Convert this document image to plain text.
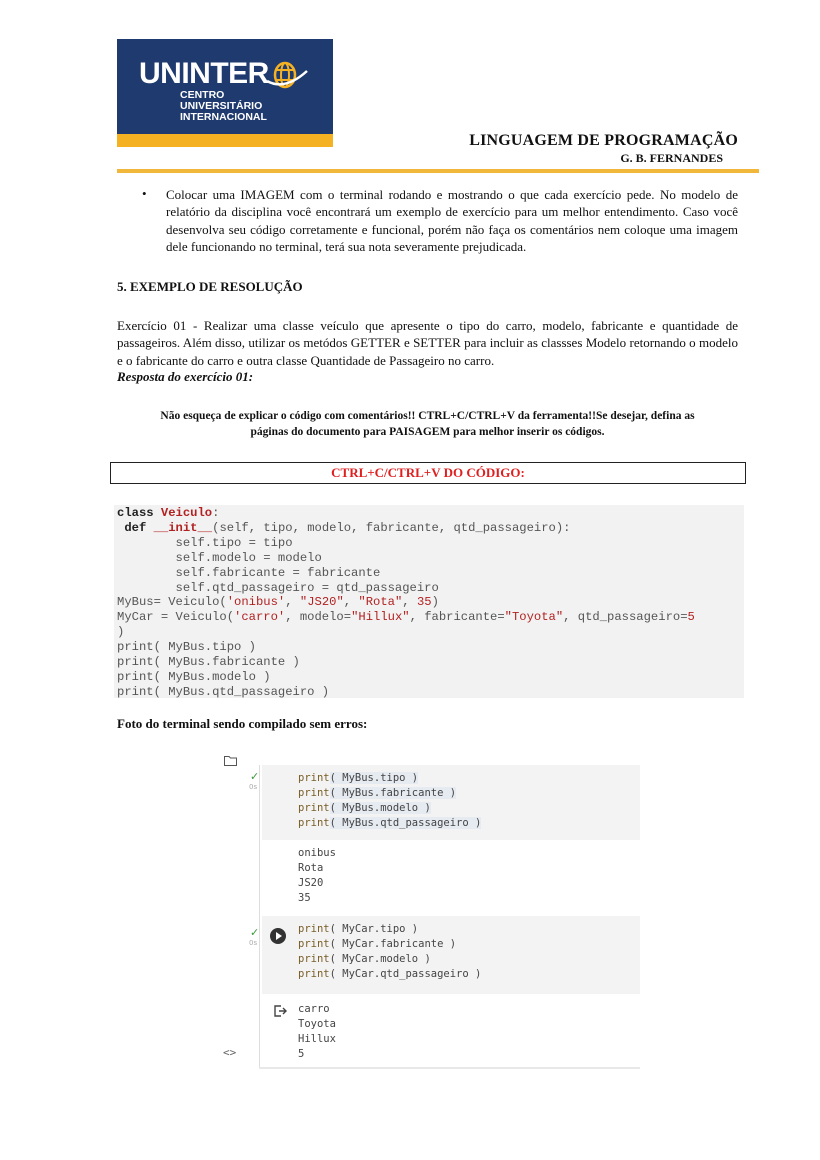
UNINTER
CENTRO
UNIVERSITÁRIO
INTERNACIONAL
LINGUAGEM DE PROGRAMAÇÃO
G. B. FERNANDES
• Colocar uma IMAGEM com o terminal rodando e mostrando o que cada exercício pede. No modelo de relatório da disciplina você encontrará um exemplo de exercício para um melhor entendimento. Caso você desenvolva seu código corretamente e funcional, porém não faça os comentários nem coloque uma imagem dele funcionando no terminal, terá sua nota severamente prejudicada.
5. EXEMPLO DE RESOLUÇÃO
Exercício 01 - Realizar uma classe veículo que apresente o tipo do carro, modelo, fabricante e quantidade de passageiros. Além disso, utilizar os metódos GETTER e SETTER para incluir as classses Modelo retornando o modelo e o fabricante do carro e outra classe Quantidade de Passageiro no carro.
Resposta do exercício 01:
Não esqueça de explicar o código com comentários!! CTRL+C/CTRL+V da ferramenta!!Se desejar, defina as
páginas do documento para PAISAGEM para melhor inserir os códigos.
CTRL+C/CTRL+V DO CÓDIGO:
class Veiculo:
def __init__(self, tipo, modelo, fabricante, qtd_passageiro):
self.tipo = tipo
self.modelo = modelo
self.fabricante = fabricante
self.qtd_passageiro = qtd_passageiro
MyBus= Veiculo('onibus', "JS20", "Rota", 35)
MyCar = Veiculo('carro', modelo="Hillux", fabricante="Toyota", qtd_passageiro=5
)
print( MyBus.tipo )
print( MyBus.fabricante )
print( MyBus.modelo )
print( MyBus.qtd_passageiro )
Foto do terminal sendo compilado sem erros:
✓
0s
print( MyBus.tipo )
print( MyBus.fabricante )
print( MyBus.modelo )
print( MyBus.qtd_passageiro )
onibus
Rota
JS20
35
✓
0s
print( MyCar.tipo )
print( MyCar.fabricante )
print( MyCar.modelo )
print( MyCar.qtd_passageiro )
carro
Toyota
Hillux
5
<>
